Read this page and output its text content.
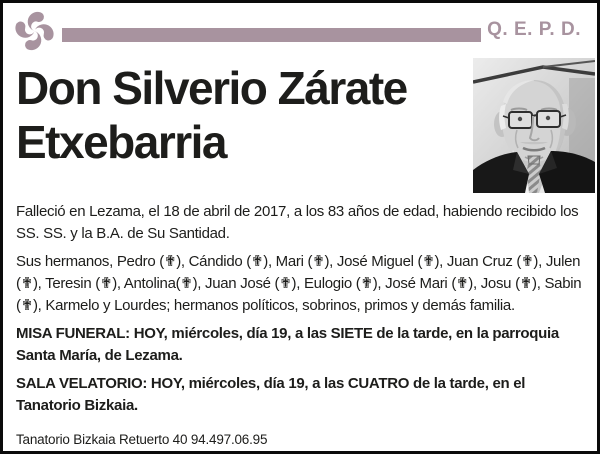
Q. E. P. D.
Don Silverio Zárate
Etxebarria

Falleció en Lezama, el 18 de abril de 2017, a los 83 años de edad, habiendo recibido los SS. SS. y la B.A. de Su Santidad.

Sus hermanos, Pedro (✟), Cándido (✟), Mari (✟), José Miguel (✟), Juan Cruz (✟), Julen (✟), Teresin (✟), Antolina(✟), Juan José (✟), Eulogio (✟), José Mari (✟), Josu (✟), Sabin (✟), Karmelo y Lourdes; hermanos políticos, sobrinos, primos y demás familia.

MISA FUNERAL: HOY, miércoles, día 19, a las SIETE de la tarde, en la parroquia Santa María, de Lezama.

SALA VELATORIO: HOY, miércoles, día 19, a las CUATRO de la tarde, en el Tanatorio Bizkaia.

Tanatorio Bizkaia Retuerto 40 94.497.06.95
